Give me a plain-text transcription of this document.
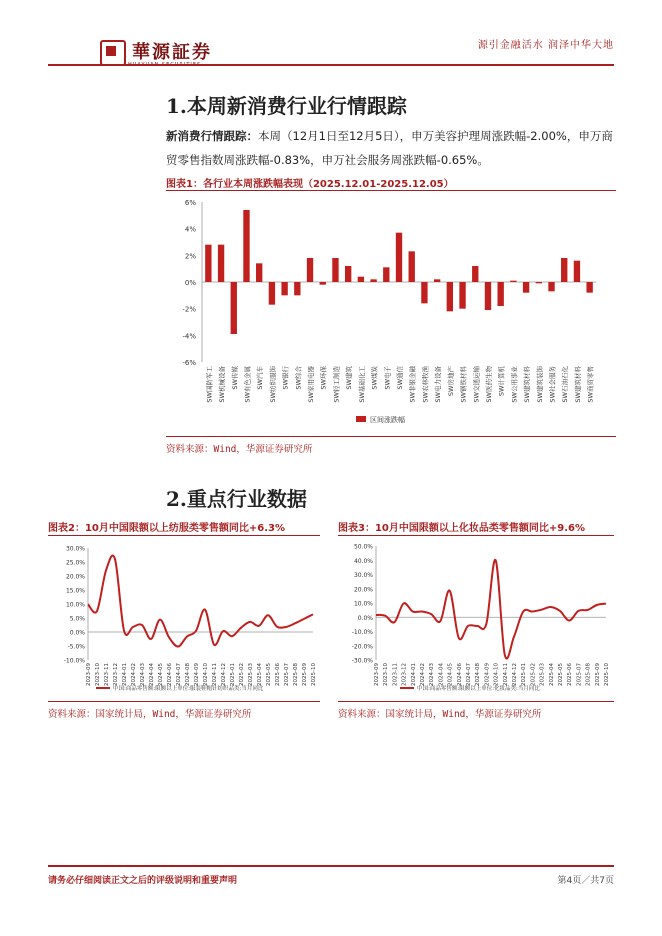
華源証券	源引金融活水 润泽中华大地
1.本周新消费行业行情跟踪
新消费行情跟踪：本周（12月1日至12月5日），申万美容护理周涨跌幅-2.00%，申万商贸零售指数周涨跌幅-0.83%，申万社会服务周涨跌幅-0.65%。
图表1：各行业本周涨跌幅表现（2025.12.01-2025.12.05）
6%
4%
2%
0%
-2%
-4%
-6%
SW国防军工 SW机械设备 SW传媒 SW有色金属 SW汽车 SW纺织服饰 SW银行 SW综合 SW家用电器 SW环保 SW轻工制造 SW建筑 SW基础化工 SW煤炭 SW电子 SW通信 SW非银金融 SW农林牧渔 SW电力设备 SW房地产 SW钢铁材料 SW交通运输 SW医药生物 SW计算机 SW公用事业 SW建筑材料 SW建筑装饰 SW社会服务 SW石油石化 SW建筑材料 SW商贸零售
区间涨跌幅
资料来源：Wind，华源证券研究所
2.重点行业数据
图表2：10月中国限额以上纺服类零售额同比+6.3%	图表3：10月中国限额以上化妆品类零售额同比+9.6%
30.0%
25.0%
20.0%
15.0%
10.0%
5.0%
0.0%
-5.0%
-10.0%
2023-09 2023-10 2023-11 2023-12 2024-01 2024-02 2024-03 2024-04 2024-05 2024-06 2024-07 2024-08 2024-09 2024-10 2024-11 2024-12 2025-01 2025-02 2025-03 2025-04 2025-05 2025-06 2025-07 2025-08 2025-09 2025-10
中国:商品零售额:限额以上单位:服装鞋帽针纺织品类:当月同比
50.0%
40.0%
30.0%
20.0%
10.0%
0.0%
-10.0%
-20.0%
-30.0%
2023-09 2023-10 2023-11 2023-12 2024-01 2024-02 2024-03 2024-04 2024-05 2024-06 2024-07 2024-08 2024-09 2024-10 2024-11 2024-12 2025-01 2025-02 2025-03 2025-04 2025-05 2025-06 2025-07 2025-08 2025-09 2025-10
中国:商品零售额:限额以上单位:化妆品类:当月同比
资料来源：国家统计局，Wind，华源证券研究所	资料来源：国家统计局，Wind，华源证券研究所
请务必仔细阅读正文之后的评级说明和重要声明	第4页／共7页
